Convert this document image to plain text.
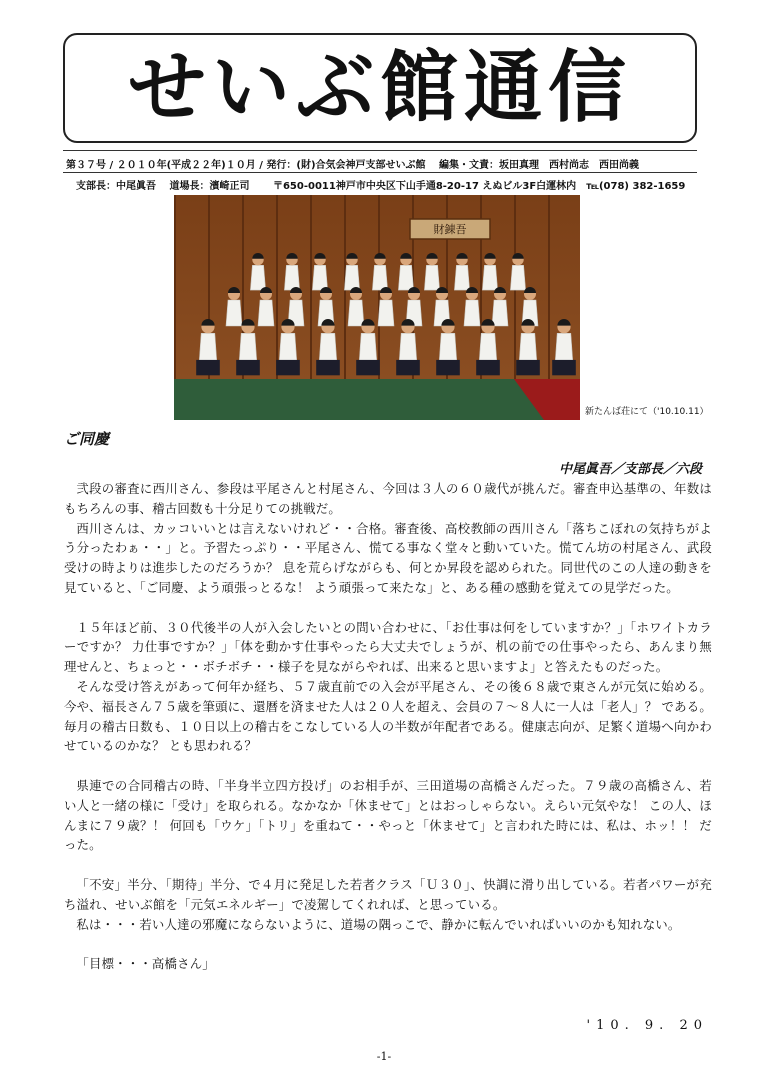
せいぶ館通信
第３７号 / ２０１０年(平成２２年)１０月 / 発行：(財)合気会神戸支部せいぶ館　 編集・文責：坂田真理　西村尚志　西田尚義
支部長：中尾眞吾　 道場長：濱崎正司　　 〒650-0011神戸市中央区下山手通8-20-17 えぬビル3F白運林内　℡(078) 382-1659
財錬吾
新たんば荘にて（'10.10.11）
ご同慶
中尾眞吾／支部長／六段

弐段の審査に西川さん、参段は平尾さんと村尾さん、今回は３人の６０歳代が挑んだ。審査申込基準の、年数はもちろんの事、稽古回数も十分足りての挑戦だ。

西川さんは、カッコいいとは言えないけれど・・合格。審査後、高校教師の西川さん「落ちこぼれの気持ちがよう分ったわぁ・・」と。予習たっぷり・・平尾さん、慌てる事なく堂々と動いていた。慌てん坊の村尾さん、武段受けの時よりは進歩したのだろうか？ 息を荒らげながらも、何とか昇段を認められた。同世代のこの人達の動きを見ていると、「ご同慶、よう頑張っとるな！ よう頑張って来たな」と、ある種の感動を覚えての見学だった。

１５年ほど前、３０代後半の人が入会したいとの問い合わせに、「お仕事は何をしていますか？」「ホワイトカラーですか？ 力仕事ですか？」「体を動かす仕事やったら大丈夫でしょうが、机の前での仕事やったら、あんまり無理せんと、ちょっと・・ボチボチ・・様子を見ながらやれば、出来ると思いますよ」と答えたものだった。

そんな受け答えがあって何年か経ち、５７歳直前での入会が平尾さん、その後６８歳で東さんが元気に始める。今や、福長さん７５歳を筆頭に、還暦を済ませた人は２０人を超え、会員の７～８人に一人は「老人」？ である。毎月の稽古日数も、１０日以上の稽古をこなしている人の半数が年配者である。健康志向が、足繁く道場へ向かわせているのかな？ とも思われる？

県連での合同稽古の時、「半身半立四方投げ」のお相手が、三田道場の高橋さんだった。７９歳の高橋さん、若い人と一緒の様に「受け」を取られる。なかなか「休ませて」とはおっしゃらない。えらい元気やな！ この人、ほんまに７９歳？！ 何回も「ウケ」「トリ」を重ねて・・やっと「休ませて」と言われた時には、私は、ホッ！！ だった。

「不安」半分、「期待」半分、で４月に発足した若者クラス「Ｕ３０」、快調に滑り出している。若者パワーが充ち溢れ、せいぶ館を「元気エネルギー」で凌駕してくれれば、と思っている。

私は・・・若い人達の邪魔にならないように、道場の隅っこで、静かに転んでいればいいのかも知れない。

「目標・・・高橋さん」

'10. 9. 20
-1-
